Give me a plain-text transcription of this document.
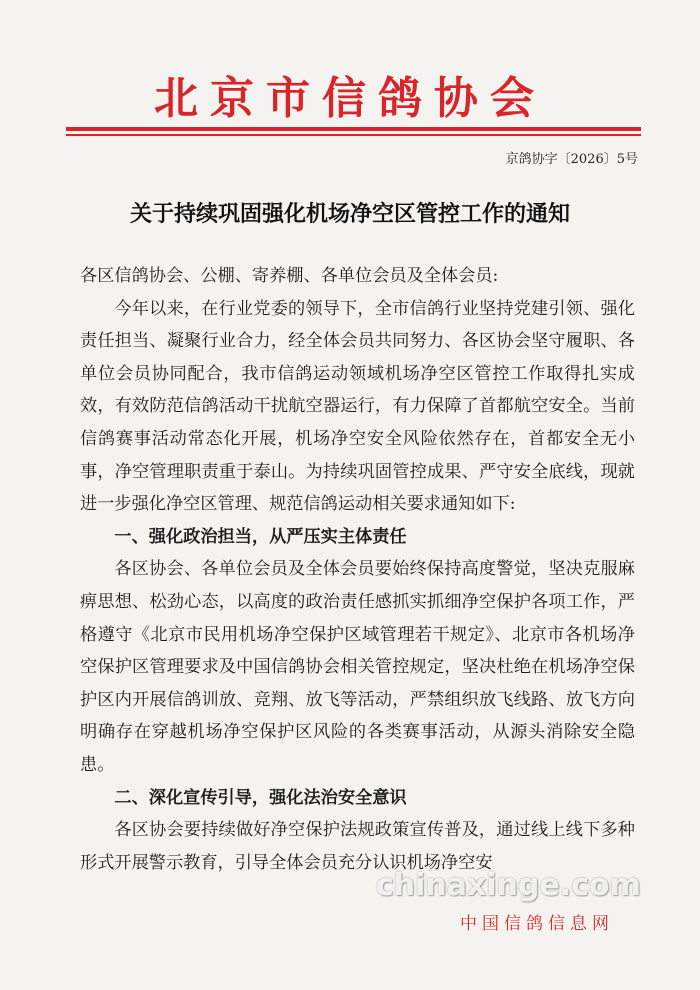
北京市信鸽协会
京鸽协字〔2026〕5号
关于持续巩固强化机场净空区管控工作的通知

各区信鸽协会、公棚、寄养棚、各单位会员及全体会员:

今年以来，在行业党委的领导下，全市信鸽行业坚持党建引领、强化责任担当、凝聚行业合力，经全体会员共同努力、各区协会坚守履职、各单位会员协同配合，我市信鸽运动领域机场净空区管控工作取得扎实成效，有效防范信鸽活动干扰航空器运行，有力保障了首都航空安全。当前信鸽赛事活动常态化开展，机场净空安全风险依然存在，首都安全无小事，净空管理职责重于泰山。为持续巩固管控成果、严守安全底线，现就进一步强化净空区管理、规范信鸽运动相关要求通知如下:

一、强化政治担当，从严压实主体责任

各区协会、各单位会员及全体会员要始终保持高度警觉，坚决克服麻痹思想、松劲心态，以高度的政治责任感抓实抓细净空保护各项工作，严格遵守《北京市民用机场净空保护区域管理若干规定》、北京市各机场净空保护区管理要求及中国信鸽协会相关管控规定，坚决杜绝在机场净空保护区内开展信鸽训放、竞翔、放飞等活动，严禁组织放飞线路、放飞方向明确存在穿越机场净空保护区风险的各类赛事活动，从源头消除安全隐患。

二、深化宣传引导，强化法治安全意识

各区协会要持续做好净空保护法规政策宣传普及，通过线上线下多种形式开展警示教育，引导全体会员充分认识机场净空安

chinaxinge.com
中国信鸽信息网
